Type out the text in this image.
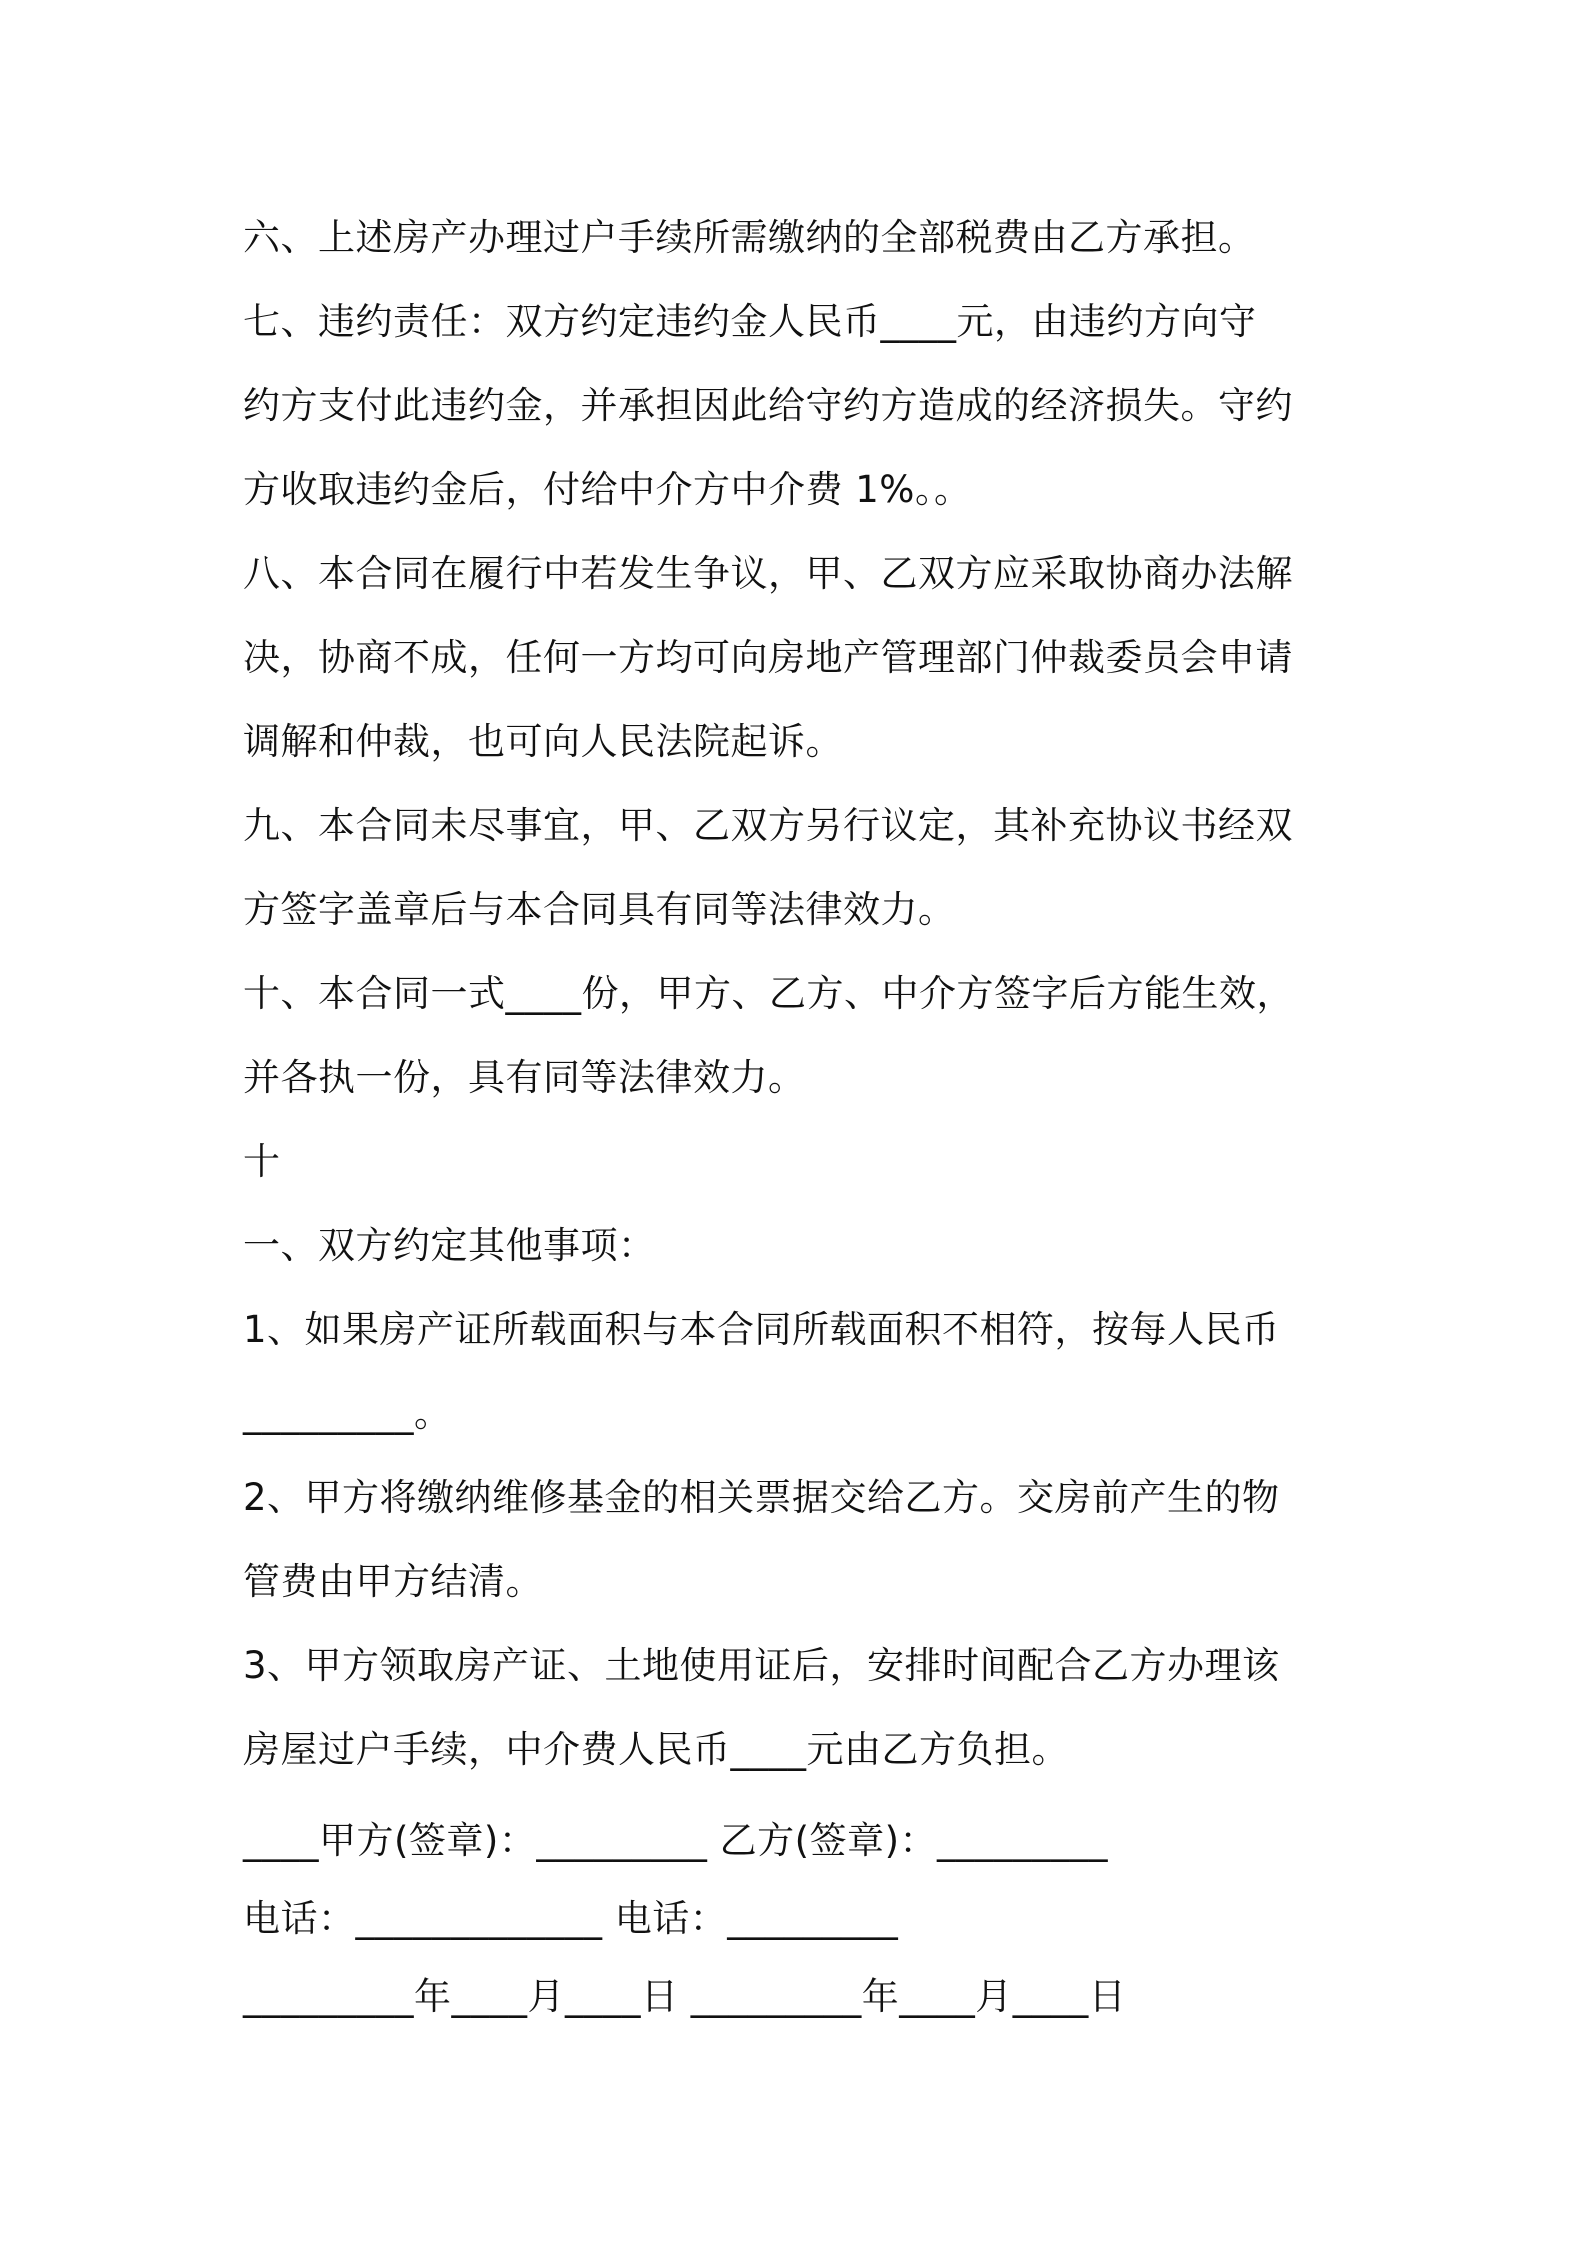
六、上述房产办理过户手续所需缴纳的全部税费由乙方承担。
七、违约责任：双方约定违约金人民币____元，由违约方向守
约方支付此违约金，并承担因此给守约方造成的经济损失。守约
方收取违约金后，付给中介方中介费 1%。。
八、本合同在履行中若发生争议，甲、乙双方应采取协商办法解
决，协商不成，任何一方均可向房地产管理部门仲裁委员会申请
调解和仲裁，也可向人民法院起诉。
九、本合同未尽事宜，甲、乙双方另行议定，其补充协议书经双
方签字盖章后与本合同具有同等法律效力。
十、本合同一式____份，甲方、乙方、中介方签字后方能生效，
并各执一份，具有同等法律效力。
十
一、双方约定其他事项：
1、如果房产证所载面积与本合同所载面积不相符，按每人民币
_________。
2、甲方将缴纳维修基金的相关票据交给乙方。交房前产生的物
管费由甲方结清。
3、甲方领取房产证、土地使用证后，安排时间配合乙方办理该
房屋过户手续，中介费人民币____元由乙方负担。
____甲方(签章)：_________ 乙方(签章)：_________
电话：_____________ 电话：_________
_________年____月____日 _________年____月____日
